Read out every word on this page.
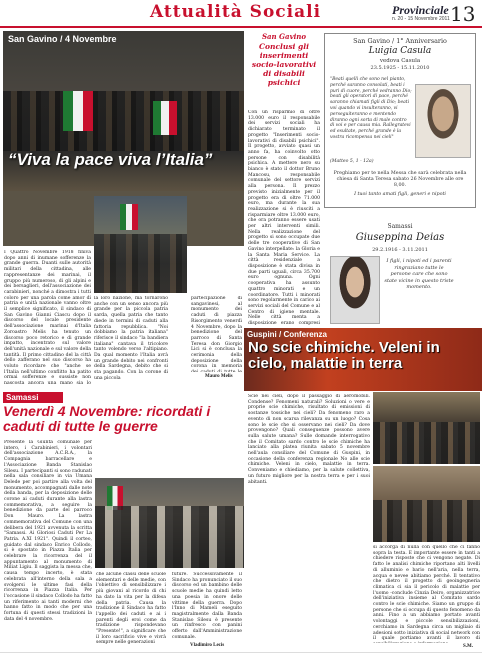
Attualità Sociali	Provinciale
n. 20 - 15 Novembre 2011 13
San Gavino / 4 Novembre
“Viva la pace viva l’Italia”
I Quattro Novembre 1918 finiva dopo anni di inumane sofferenze la grande guerra. Duanti sulle autorità militari della cittadina, alle rappresentanze dei marinai, il gruppo più numeroso, di gli alpini e dei bersaglieri, dell'associazione dei carabinieri, nonché a dimostra i tutti coloro per una parola come amor di patria e unità nazionale vanno oltre il semplice significato, il sindaco di San Gavino Gianni Ciascu dopo il discorso del locale presidente dell'associazione marinai d'Italia Zoroastro Melis ha tenuto un discorso poco retorico e di grande impatto, incentrato sul valore dell'unità nazionale e sul valore della tantità. Il primo cittadino del la città dello zafferano nel suo discorso ha voluto ricordare che "anche se l'Italia nell'ultimo conflitto ha patito ormai sofferenze e sussiste non nascosta ancora una mano sia lo
la loro nazione, ma tornarono anche con un senso ancora più grande per la piccola patria sarda, quella patria che tanto diede in termini di caduti alla fattoria repubblica. "Noi dobbiamo la patria italiana" riferisce il sindaco "la bandiera italiana" cantava il tricolore tanto volendo verso l'altipiano. Da qual momento l'Italia avrà un grande debito nei confronti della Sardegna, debito che si sta pagando. Con la corone di una piccola
partecipazione di sangavinesi, al monumento dei caduti di piazza Risorgimento venerdì 4 Novembre, dopo la benedizione del parroco di Santa Teresa don Giorgio Lici si è conclusa la cerimonia della deposizione della corona in memoria
Mauro Melis
San Gavino
Conclusi gli inserimenti socio-lavorativi di disabili psichici
Con un risparmio di oltre 13.000 euro il responsabile dei servizi sociali ha dichiarato terminato il progetto "Inserimenti socio-lavorativi di disabili psichici". Il progetto, avviato quasi un anno fa, ha coinvolto otto persone con disabilità psichica. A mettere nero su bianco è stato il dottor Bruno Mancosu, responsabile comunale del settore servizi alla persona. Il prezzo previsto inizialmente per il progetto era di oltre 71.000 euro, ma durante la sua realizzazione si è riusciti a risparmiare oltre 13.000 euro, che ora potranno essere usati per altri interventi simili. Nella realizzazione del progetto si sono occupate due delle tre cooperative di San Gavino interpellate: la Gloria e la Santa Maria Service. La città residenziale a disposizione è stata divisa in due parti uguali, circa 35.700 euro ognuna. Ogni cooperativa ha assunto quattro minorati e un coordinatore. Tutti i minorati sono regolarmente in carico ai servizi sociali del Comune e al Centro di igiene mentale. Nelle città menta a disposizione erano compresi
San Gavino / 1° Anniversario
Luigia Casula
vedova Casula
23.5.1925 - 15.11.2010
"Beati quelli che sono nel pianto, perché saranno consolati, beati i puri di cuore, perché vedranno Dio; beati gli operatori di pace, perché saranno chiamati figli di Dio; beati voi quando vi insulteranno, vi perseguiteranno e mentendo diranno ogni sorta di male contro di voi e per causa mia. Rallegratevi ed esultate, perché grande è la vostra ricompensa nei cieli"
(Matteo 5, 1 - 12a)
Preghiamo per te nella Messa che sarà celebrata nella chiesa di Santa Teresa sabato 26 Novembre alle ore 8,00.
I tuoi tanto amati figli, generi e nipoti
Samassi
Giuseppina Deias
29.2.1916 - 3.11.2011
I figli, i nipoti ed i parenti ringraziano tutte le persone care che sono state vicine in questo triste momento.
Guspini / Conferenza
No scie chimiche. Veleni in cielo, malattie in terra
Scie nei cieli, dopo il passaggio di aeromobili. Condense? Fenomeni naturali? Soluzioni o vere e proprie scie chimiche, risultato di emissioni di sostanze tossiche nei cieli? Da fenomeno raro a evento di non scarsa rilevanza su un luogo? Cosa sono le scie che si osservano nei cieli? Da dove provengono? Quali conseguenze possono avere sulla salute umana? Sulle domande interrogativo che il Comitato sardo contro le scie chimiche ha lanciato alla platea riunita sabato 5 novembre nell'aula consiliare del Comune di Guspini, in occasione della conferenza regionale No alle scie chimiche. Veleni in cielo, malattie in terra. Conveniamo e chiediamo, per la salute collettiva, un futuro migliore per la nostra terra e per i suoi abitanti.
si accorga di nulla con quello che ci fanno sopra la testa. E importante essere in tanti a chiedere risposte che ci vengono negate. Di fatto le analisi chimiche riportano alti livelli di alluminio e bario nell'aria, nella terra, acqua e nevee abitiamo perché. Il tentativo che dietro il progetto di geoingegneria climatica ci sia il pericolo di malattie per l'uomo -conclude Cinzia Deiro, organizzatrice dell'iniziativa insieme al Comitato sardo contro le scie chimiche. Siamo un gruppo di persone che si occupa di questo fenomeno da anni. Fino a un abbiamo portato avanti volontaggi e piccole sensibilizzazioni, cerchiamo in Sardegna circa un migliaio di adesioni sotto iniziativa di social network con il quale portiamo avanti il lavoro di
S.M.
Samassi
Venerdì 4 Novembre: ricordati i caduti di tutte le guerre
Presente la Giunta comunale per intero, i Carabinieri, i volontari dell'associazione A.C.R.A., la Compagnia barracellare e l'Associazione Banda Stanislao Silesu. I partecipanti si sono radunati nella sala consiliare in via Umana Delede per poi partire alla volta del monumento, accompagnati dalle note della banda, per la deposizione delle corone ai caduti durante alla lastra commemorativa, a seguire la benedizione da parte del parroco Don Mauro. La lastra commemorativa del Comune con una delibera del 1921 avvenuta la scritta "Samassi. Ai Gloriosi Caduti Per La Patria. A.XI 1921". Quindi il corteo, guidato dal sindaco Enrico Collodo, si è spostato in Piazza Italia per celebrare la ricorrenza del il appuntamento al monumento di Miliat Ligiu. Il saggista la messa che, causa tempo incerto, è stata celebrata all'interno della sala a svolgersi le ultime fasi della ricorrenza in Piazza Italia. Per l'occasione il sindaco Collodo ha fatto un riferimento ai tanti moderni che hanno fatto in modo che per una fortuna di questi stessi tradizioni la data del 4 novembre.
che alcune classi delle scuole elementari e delle medie, con l'obiettivo di sensibilizzare i più giovani al ricordo di chi ha dato la vita per la difesa della patria. Causa la tradizione il Sindaco ha fatto l'appello dei caduti e ai i parenti degli eroi come da tradizione rispondevano "Presente!", a significare che il loro sacrificio vive e vivrà sempre nelle generazioni
future. Successivamente il Sindaco ha pronunciato il suo discorso ed un bambino delle scuole medie ha quindi letto una poesia in onore delle vittime della guerra. Dopo l'Inno di Mameli eseguito magistralmente dalla Banda Stanislao Silesu è presente un rinfresco con panini offerto dall'Amministrazione comunale.
Vladimiro Lecis
